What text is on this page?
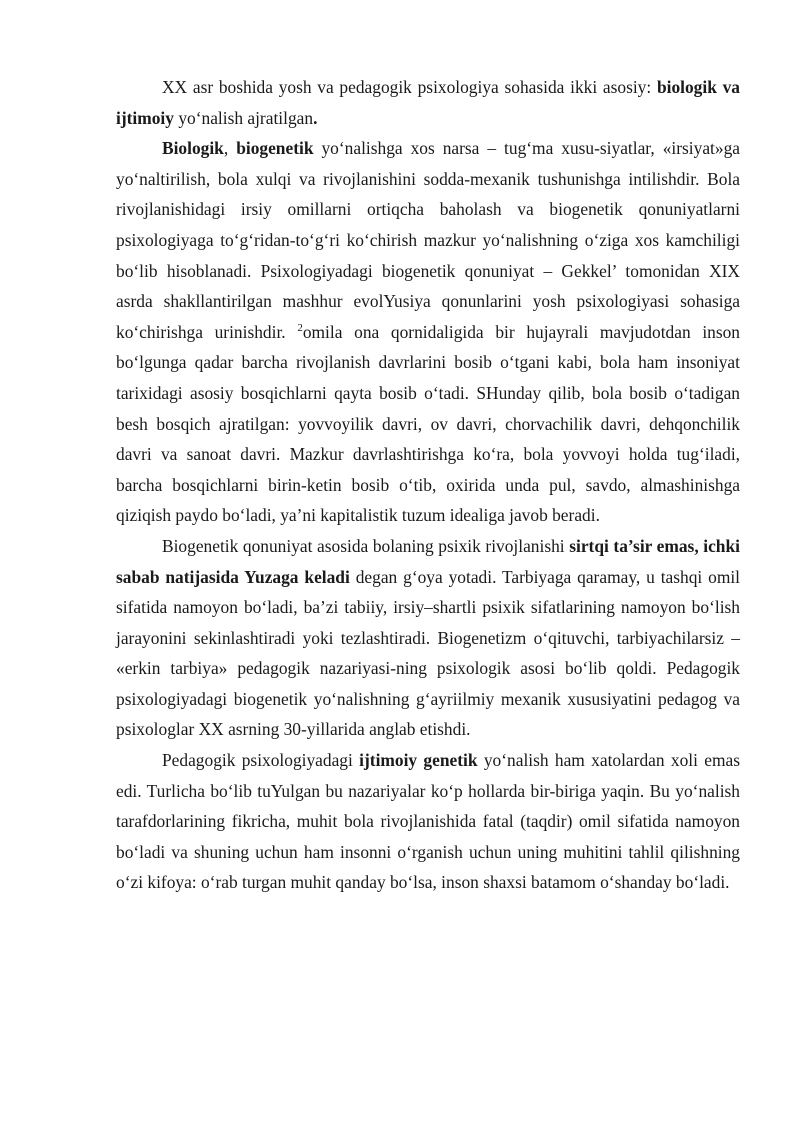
XX asr boshida yosh va pedagogik psixologiya sohasida ikki asosiy: biologik va ijtimoiy yo‘nalish ajratilgan.

Biologik, biogenetik yo‘nalishga xos narsa – tug‘ma xusu-siyatlar, «irsiyat»ga yo‘naltirilish, bola xulqi va rivojlanishini sodda-mexanik tushunishga intilishdir. Bola rivojlanishidagi irsiy omillarni ortiqcha baholash va biogenetik qonuniyatlarni psixologiyaga to‘g‘ridan-to‘g‘ri ko‘chirish mazkur yo‘nalishning o‘ziga xos kamchiligi bo‘lib hisoblanadi. Psixologiyadagi biogenetik qonuniyat – Gekkel’ tomonidan XIX asrda shakllantirilgan mashhur evolYusiya qonunlarini yosh psixologiyasi sohasiga ko‘chirishga urinishdir. $^2$omila ona qornidaligida bir hujayrali mavjudotdan inson bo‘lgunga qadar barcha rivojlanish davrlarini bosib o‘tgani kabi, bola ham insoniyat tarixidagi asosiy bosqichlarni qayta bosib o‘tadi. SHunday qilib, bola bosib o‘tadigan besh bosqich ajratilgan: yovvoyilik davri, ov davri, chorvachilik davri, dehqonchilik davri va sanoat davri. Mazkur davrlashtirishga ko‘ra, bola yovvoyi holda tug‘iladi, barcha bosqichlarni birin-ketin bosib o‘tib, oxirida unda pul, savdo, almashinishga qiziqish paydo bo‘ladi, ya’ni kapitalistik tuzum idealiga javob beradi.

Biogenetik qonuniyat asosida bolaning psixik rivojlanishi sirtqi ta’sir emas, ichki sabab natijasida Yuzaga keladi degan g‘oya yotadi. Tarbiyaga qaramay, u tashqi omil sifatida namoyon bo‘ladi, ba’zi tabiiy, irsiy–shartli psixik sifatlarining namoyon bo‘lish jarayonini sekinlashtiradi yoki tezlashtiradi. Biogenetizm o‘qituvchi, tarbiyachilarsiz – «erkin tarbiya» pedagogik nazariyasi-ning psixologik asosi bo‘lib qoldi. Pedagogik psixologiyadagi biogenetik yo‘nalishning g‘ayriilmiy mexanik xususiyatini pedagog va psixologlar XX asrning 30-yillarida anglab etishdi.

Pedagogik psixologiyadagi ijtimoiy genetik yo‘nalish ham xatolardan xoli emas edi. Turlicha bo‘lib tuYulgan bu nazariyalar ko‘p hollarda bir-biriga yaqin. Bu yo‘nalish tarafdorlarining fikricha, muhit bola rivojlanishida fatal (taqdir) omil sifatida namoyon bo‘ladi va shuning uchun ham insonni o‘rganish uchun uning muhitini tahlil qilishning o‘zi kifoya: o‘rab turgan muhit qanday bo‘lsa, inson shaxsi batamom o‘shanday bo‘ladi.
